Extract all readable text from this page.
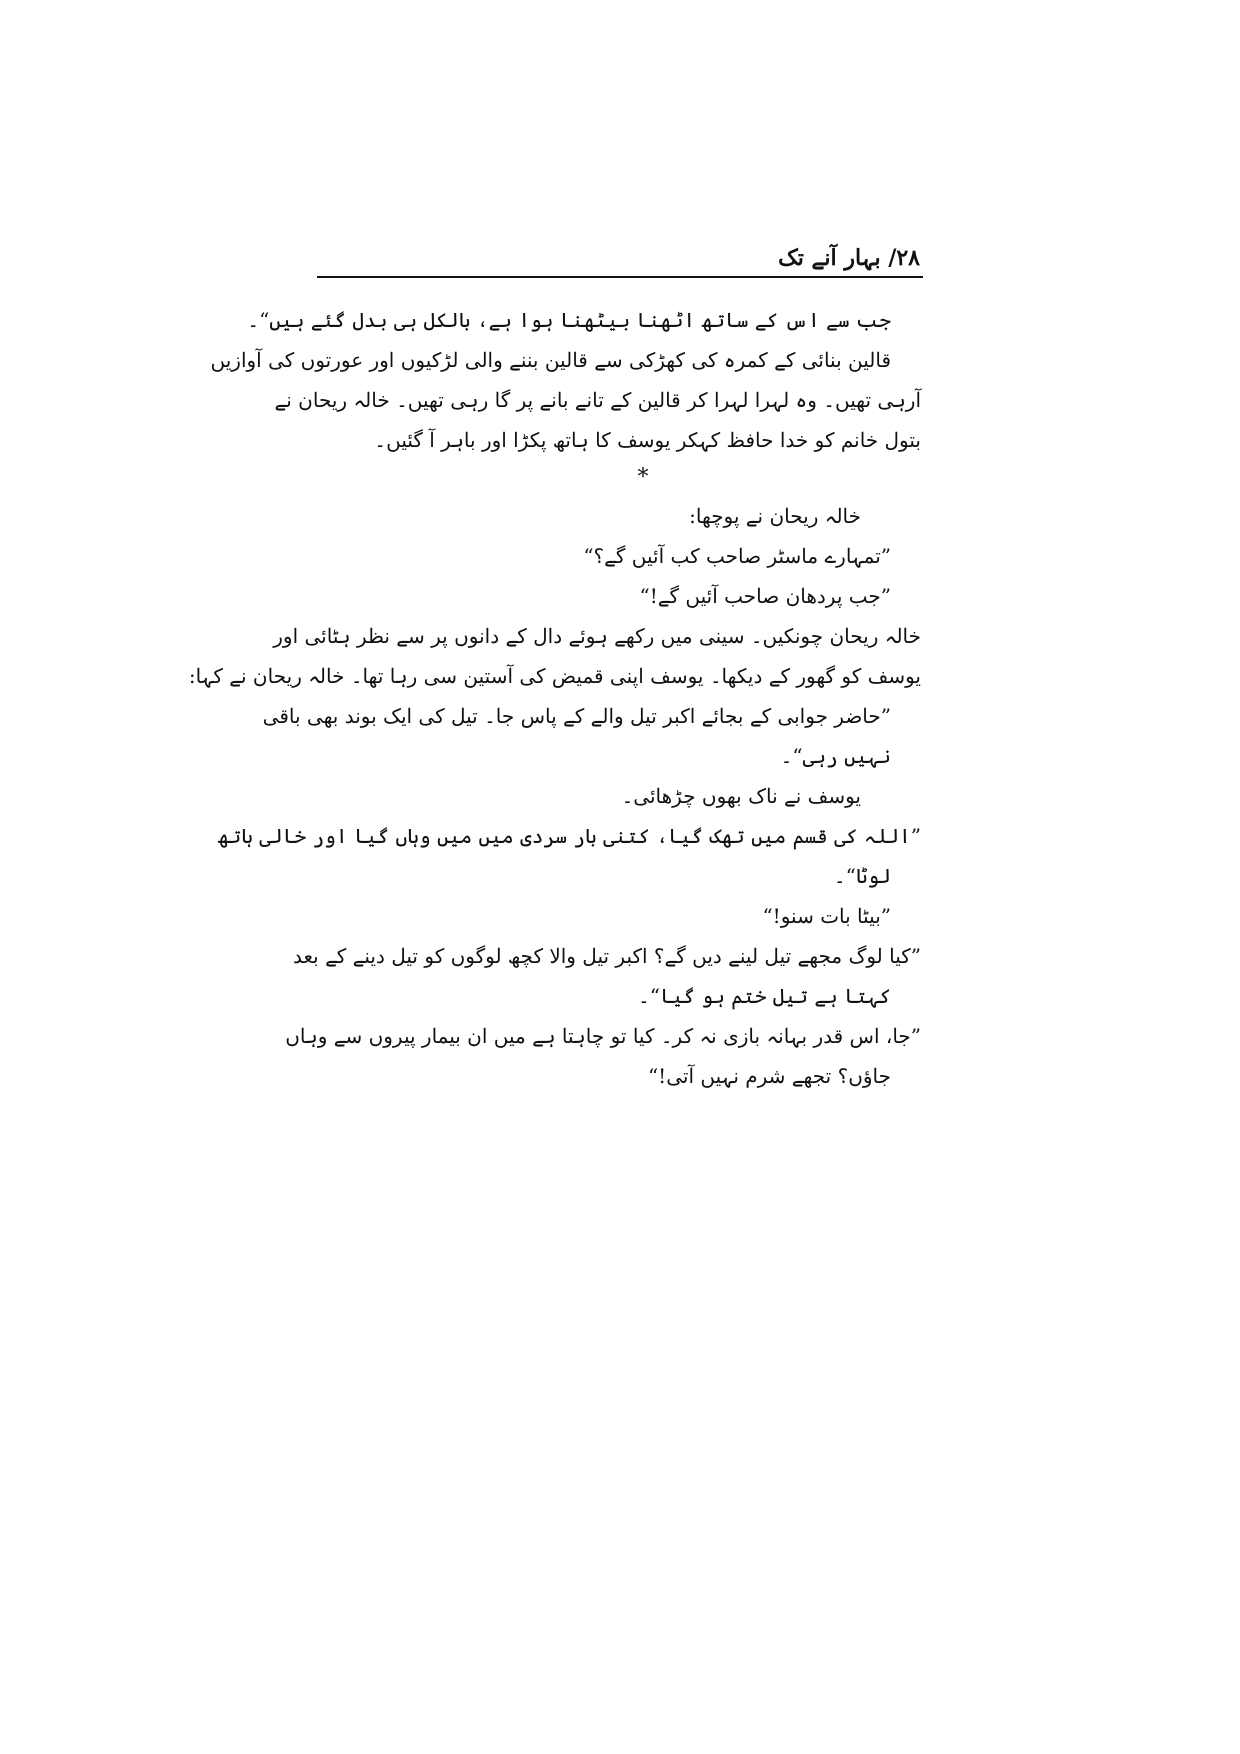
۲۸/ بہار آنے تک
جب سے اس کے ساتھ اٹھنا بیٹھنا ہوا ہے، بالکل ہی بدل گئے ہیں“۔
قالین بنائی کے کمرہ کی کھڑکی سے قالین بننے والی لڑکیوں اور عورتوں کی آوازیں
آرہی تھیں۔ وہ لہرا لہرا کر قالین کے تانے بانے پر گا رہی تھیں۔ خالہ ریحان نے
بتول خانم کو خدا حافظ کہکر یوسف کا ہاتھ پکڑا اور باہر آ گئیں۔
*
خالہ ریحان نے پوچھا:
”تمہارے ماسٹر صاحب کب آئیں گے؟“
”جب پردھان صاحب آئیں گے!“
خالہ ریحان چونکیں۔ سینی میں رکھے ہوئے دال کے دانوں پر سے نظر ہٹائی اور
یوسف کو گھور کے دیکھا۔ یوسف اپنی قمیض کی آستین سی رہا تھا۔ خالہ ریحان نے کہا:
”حاضر جوابی کے بجائے اکبر تیل والے کے پاس جا۔ تیل کی ایک بوند بھی باقی
نہیں رہی“۔
یوسف نے ناک بھوں چڑھائی۔
”اللہ کی قسم میں تھک گیا، کتنی بار سردی میں میں وہاں گیا اور خالی ہاتھ
لوٹا“۔
”بیٹا بات سنو!“
”کیا لوگ مجھے تیل لینے دیں گے؟ اکبر تیل والا کچھ لوگوں کو تیل دینے کے بعد
کہتا ہے تیل ختم ہو گیا“۔
”جا، اس قدر بہانہ بازی نہ کر۔ کیا تو چاہتا ہے میں ان بیمار پیروں سے وہاں
جاؤں؟ تجھے شرم نہیں آتی!“
